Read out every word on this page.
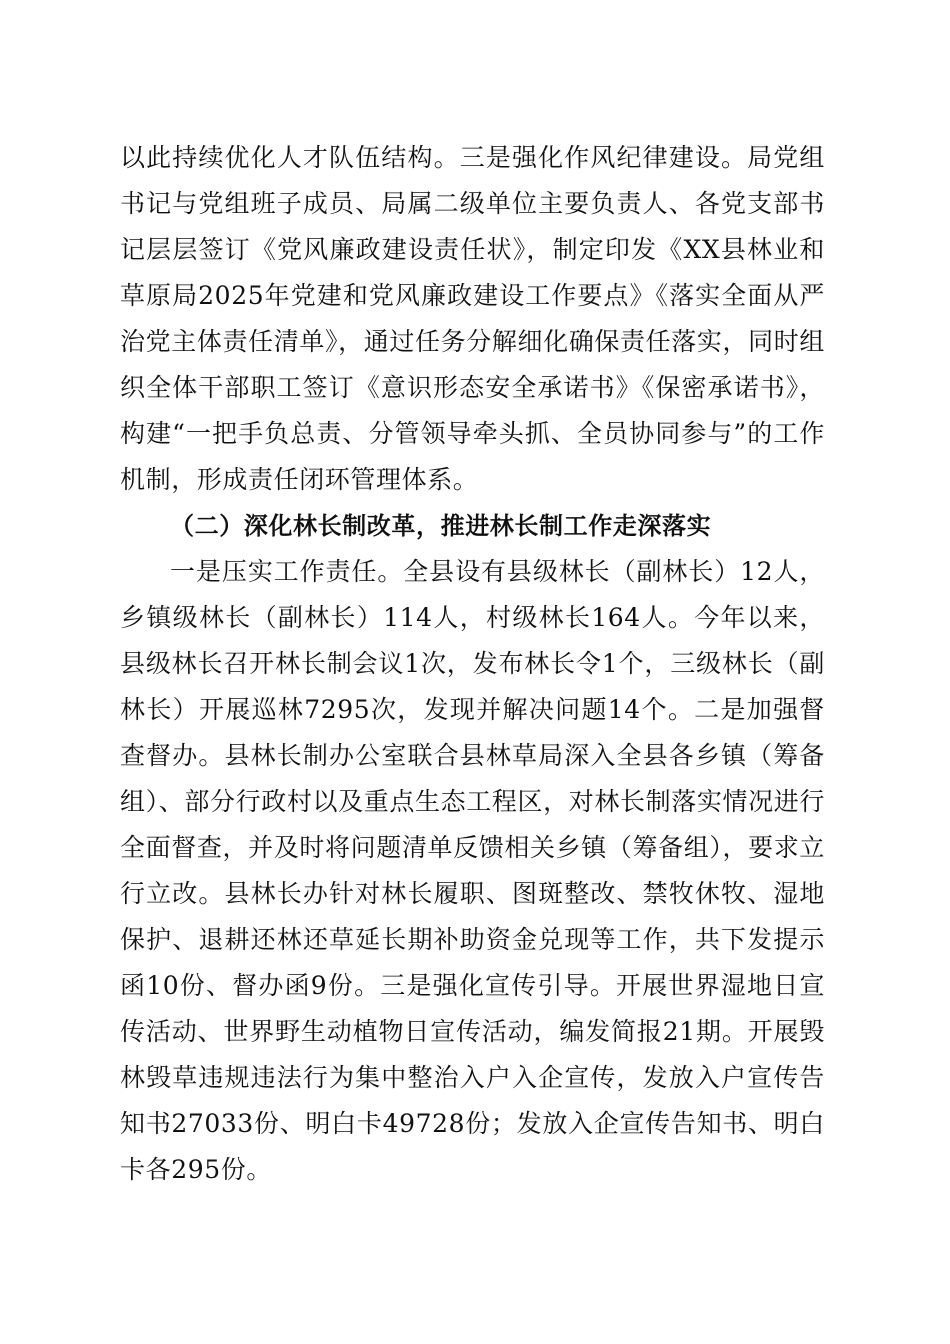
以此持续优化人才队伍结构。三是强化作风纪律建设。局党组书记与党组班子成员、局属二级单位主要负责人、各党支部书记层层签订《党风廉政建设责任状》，制定印发《XX县林业和草原局2025年党建和党风廉政建设工作要点》《落实全面从严治党主体责任清单》，通过任务分解细化确保责任落实，同时组织全体干部职工签订《意识形态安全承诺书》《保密承诺书》，构建“一把手负总责、分管领导牵头抓、全员协同参与”的工作机制，形成责任闭环管理体系。

（二）深化林长制改革，推进林长制工作走深落实

一是压实工作责任。全县设有县级林长（副林长）12人，乡镇级林长（副林长）114人，村级林长164人。今年以来，县级林长召开林长制会议1次，发布林长令1个，三级林长（副林长）开展巡林7295次，发现并解决问题14个。二是加强督查督办。县林长制办公室联合县林草局深入全县各乡镇（筹备组）、部分行政村以及重点生态工程区，对林长制落实情况进行全面督查，并及时将问题清单反馈相关乡镇（筹备组），要求立行立改。县林长办针对林长履职、图斑整改、禁牧休牧、湿地保护、退耕还林还草延长期补助资金兑现等工作，共下发提示函10份、督办函9份。三是强化宣传引导。开展世界湿地日宣传活动、世界野生动植物日宣传活动，编发简报21期。开展毁林毁草违规违法行为集中整治入户入企宣传，发放入户宣传告知书27033份、明白卡49728份；发放入企宣传告知书、明白卡各295份。
